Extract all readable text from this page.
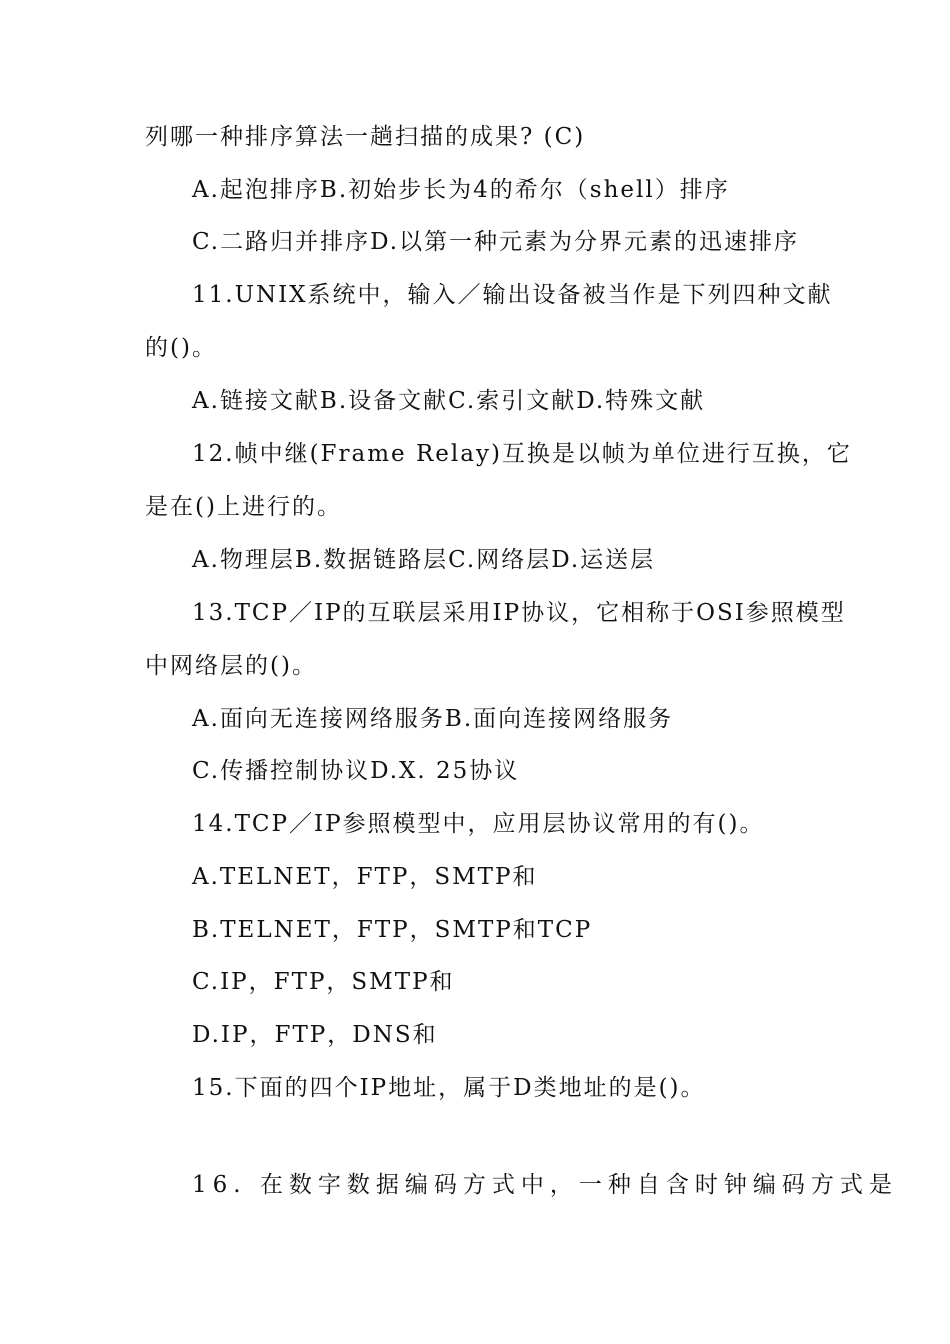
列哪一种排序算法一趟扫描的成果? (C)
A.起泡排序B.初始步长为4的希尔（shell）排序
C.二路归并排序D.以第一种元素为分界元素的迅速排序
11.UNIX系统中，输入／输出设备被当作是下列四种文献
的()。
A.链接文献B.设备文献C.索引文献D.特殊文献
12.帧中继(Frame Relay)互换是以帧为单位进行互换，它
是在()上进行的。
A.物理层B.数据链路层C.网络层D.运送层
13.TCP／IP的互联层采用IP协议，它相称于OSI参照模型
中网络层的()。
A.面向无连接网络服务B.面向连接网络服务
C.传播控制协议D.X. 25协议
14.TCP／IP参照模型中，应用层协议常用的有()。
A.TELNET，FTP，SMTP和
B.TELNET，FTP，SMTP和TCP
C.IP，FTP，SMTP和
D.IP，FTP，DNS和
15.下面的四个IP地址，属于D类地址的是()。
16. 在数字数据编码方式中，一种自含时钟编码方式是
